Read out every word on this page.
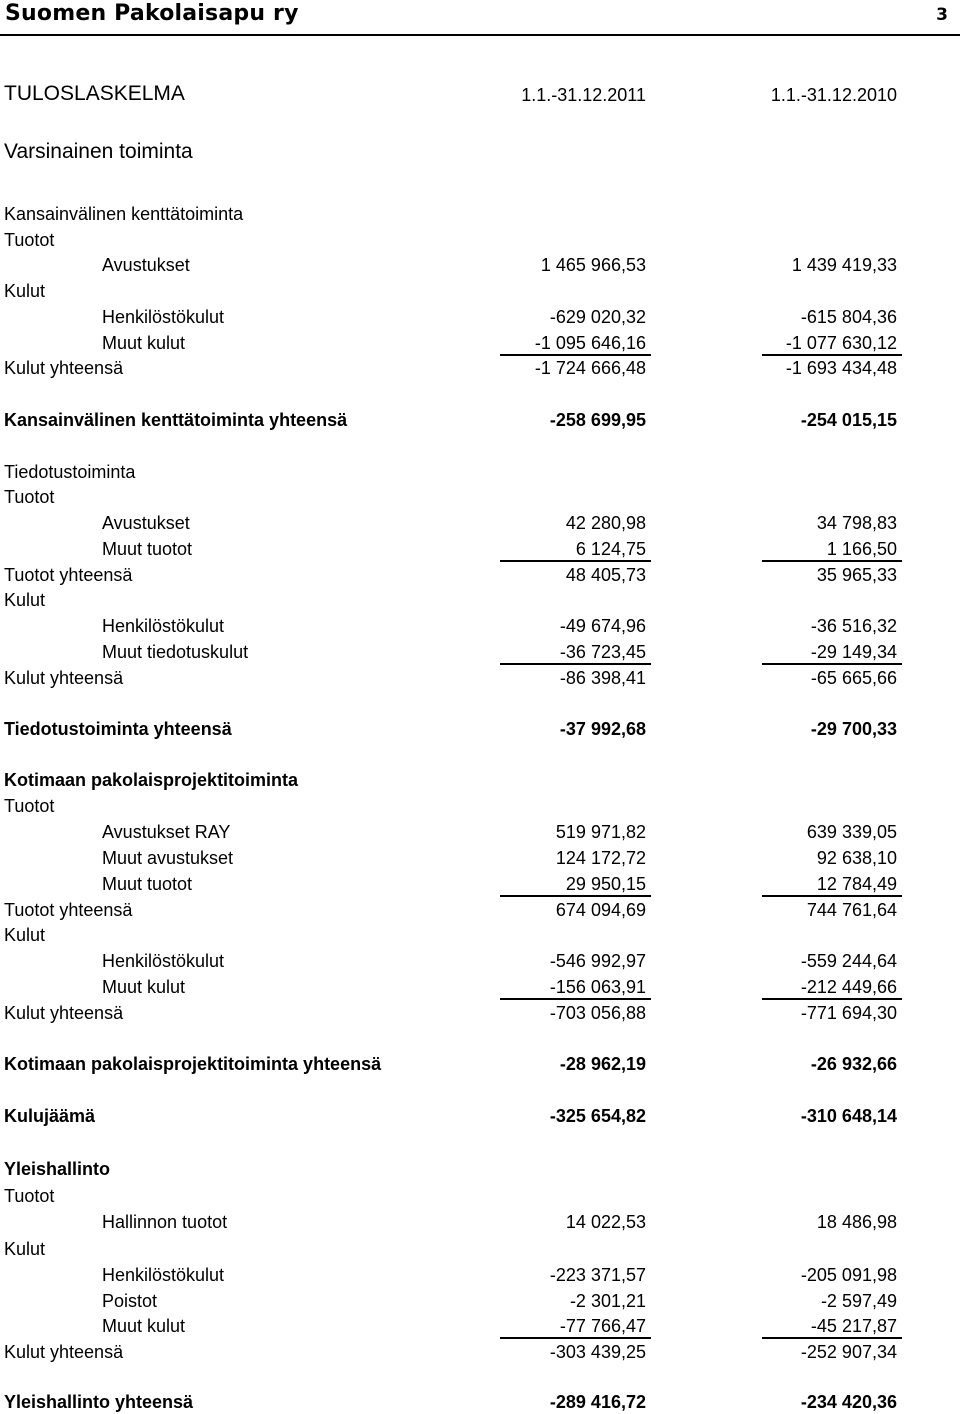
Suomen Pakolaisapu ry	3
TULOSLASKELMA	1.1.-31.12.2011	1.1.-31.12.2010
Varsinainen toiminta
Kansainvälinen kenttätoiminta
Tuotot
Avustukset	1 465 966,53	1 439 419,33
Kulut
Henkilöstökulut	-629 020,32	-615 804,36
Muut kulut	-1 095 646,16	-1 077 630,12
Kulut yhteensä	-1 724 666,48	-1 693 434,48
Kansainvälinen kenttätoiminta yhteensä	-258 699,95	-254 015,15
Tiedotustoiminta
Tuotot
Avustukset	42 280,98	34 798,83
Muut tuotot	6 124,75	1 166,50
Tuotot yhteensä	48 405,73	35 965,33
Kulut
Henkilöstökulut	-49 674,96	-36 516,32
Muut tiedotuskulut	-36 723,45	-29 149,34
Kulut yhteensä	-86 398,41	-65 665,66
Tiedotustoiminta yhteensä	-37 992,68	-29 700,33
Kotimaan pakolaisprojektitoiminta
Tuotot
Avustukset RAY	519 971,82	639 339,05
Muut avustukset	124 172,72	92 638,10
Muut tuotot	29 950,15	12 784,49
Tuotot yhteensä	674 094,69	744 761,64
Kulut
Henkilöstökulut	-546 992,97	-559 244,64
Muut kulut	-156 063,91	-212 449,66
Kulut yhteensä	-703 056,88	-771 694,30
Kotimaan pakolaisprojektitoiminta yhteensä	-28 962,19	-26 932,66
Kulujäämä	-325 654,82	-310 648,14
Yleishallinto
Tuotot
Hallinnon tuotot	14 022,53	18 486,98
Kulut
Henkilöstökulut	-223 371,57	-205 091,98
Poistot	-2 301,21	-2 597,49
Muut kulut	-77 766,47	-45 217,87
Kulut yhteensä	-303 439,25	-252 907,34
Yleishallinto yhteensä	-289 416,72	-234 420,36
